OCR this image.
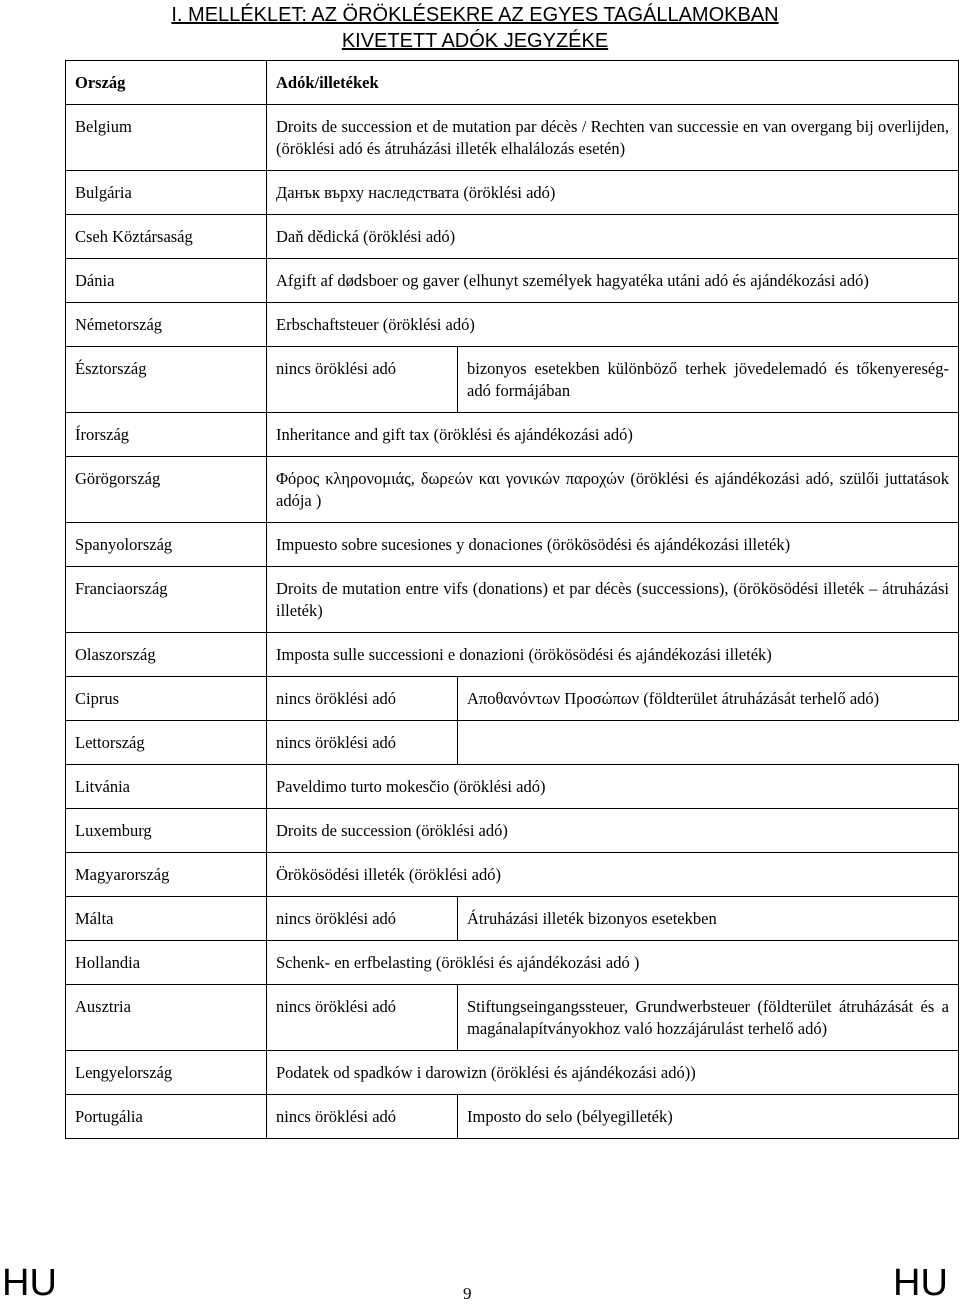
I. MELLÉKLET: AZ ÖRÖKLÉSEKRE AZ EGYES TAGÁLLAMOKBAN
KIVETETT ADÓK JEGYZÉKE
Ország	Adók/illetékek	
Belgium	Droits de succession et de mutation par décès / Rechten van successie en van overgang bij overlijden, (öröklési adó és átruházási illeték elhalálozás esetén)	
Bulgária	Данък върху наследствата (öröklési adó)	
Cseh Köztársaság	Daň dědická (öröklési adó)	
Dánia	Afgift af dødsboer og gaver (elhunyt személyek hagyatéka utáni adó és ajándékozási adó)	
Németország	Erbschaftsteuer (öröklési adó)	
Észtország	nincs öröklési adó	bizonyos esetekben különböző terhek jövedelemadó és tőkenyereség-adó formájában
Írország	Inheritance and gift tax (öröklési és ajándékozási adó)	
Görögország	Φόρος κληρονομιάς, δωρεών και γονικών παροχών (öröklési és ajándékozási adó, szülői juttatások adója )	
Spanyolország	Impuesto sobre sucesiones y donaciones (örökösödési és ajándékozási illeték)	
Franciaország	Droits de mutation entre vifs (donations) et par décès (successions), (örökösödési illeték – átruházási illeték)	
Olaszország	Imposta sulle successioni e donazioni (örökösödési és ajándékozási illeték)	
Ciprus	nincs öröklési adó	Αποθανόντων Προσώπων (földterület átruházását terhelő adó)
Lettország	nincs öröklési adó	
Litvánia	Paveldimo turto mokesčio (öröklési adó)	
Luxemburg	Droits de succession (öröklési adó)	
Magyarország	Örökösödési illeték (öröklési adó)	
Málta	nincs öröklési adó	Átruházási illeték bizonyos esetekben
Hollandia	Schenk- en erfbelasting (öröklési és ajándékozási adó )	
Ausztria	nincs öröklési adó	Stiftungseingangssteuer, Grundwerbsteuer (földterület átruházását és a magánalapítványokhoz való hozzájárulást terhelő adó)
Lengyelország	Podatek od spadków i darowizn (öröklési és ajándékozási adó))	
Portugália	nincs öröklési adó	Imposto do selo (bélyegilleték)
HU	9	HU
